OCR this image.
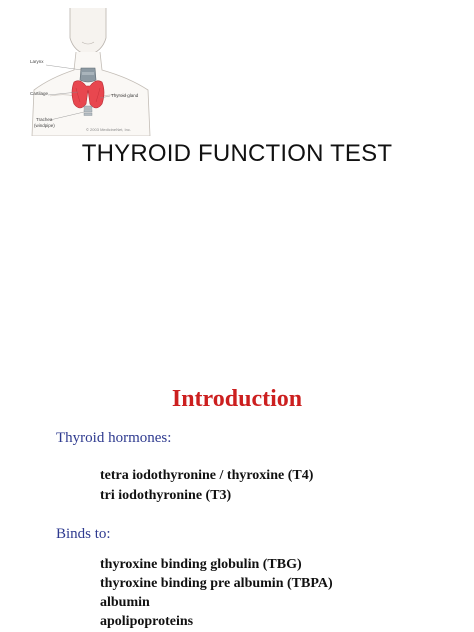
Larynx
Cartilage	Thyroid gland
Trachea
(windpipe)
© 2003 MedicineNet, Inc.
THYROID FUNCTION TEST
Introduction
Thyroid hormones:
tetra iodothyronine / thyroxine (T4)
tri iodothyronine (T3)
Binds to:
thyroxine binding globulin (TBG)
thyroxine binding pre albumin (TBPA)
albumin
apolipoproteins
